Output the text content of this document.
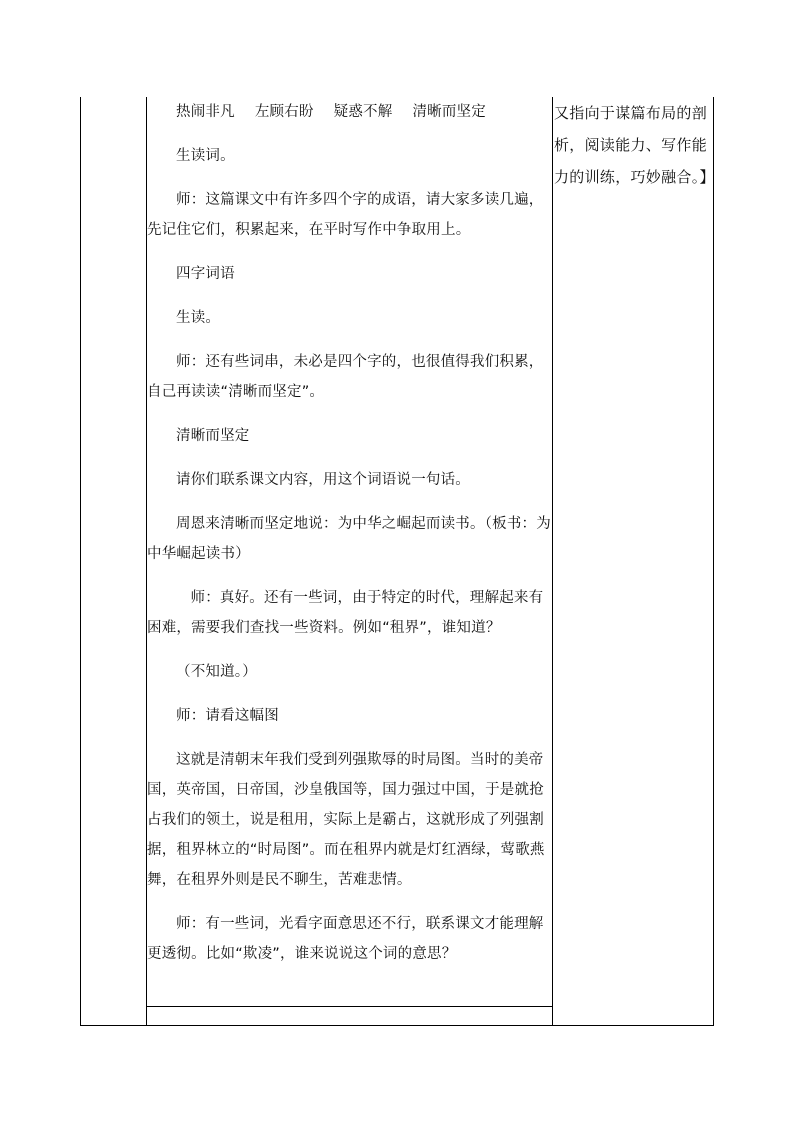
热闹非凡 左顾右盼 疑惑不解 清晰而坚定

生读词。

师：这篇课文中有许多四个字的成语，请大家多读几遍，先记住它们，积累起来，在平时写作中争取用上。

四字词语

生读。

师：还有些词串，未必是四个字的，也很值得我们积累，自己再读读“清晰而坚定”。

清晰而坚定

请你们联系课文内容，用这个词语说一句话。

周恩来清晰而坚定地说：为中华之崛起而读书。（板书：为中华崛起读书）

师：真好。还有一些词，由于特定的时代，理解起来有困难，需要我们查找一些资料。例如“租界”，谁知道？

（不知道。）

师：请看这幅图

这就是清朝末年我们受到列强欺辱的时局图。当时的美帝国，英帝国，日帝国，沙皇俄国等，国力强过中国，于是就抢占我们的领土，说是租用，实际上是霸占，这就形成了列强割据，租界林立的“时局图”。而在租界内就是灯红酒绿，莺歌燕舞，在租界外则是民不聊生，苦难悲情。

师：有一些词，光看字面意思还不行，联系课文才能理解更透彻。比如“欺凌”，谁来说说这个词的意思？

又指向于谋篇布局的剖析，阅读能力、写作能力的训练，巧妙融合。】
